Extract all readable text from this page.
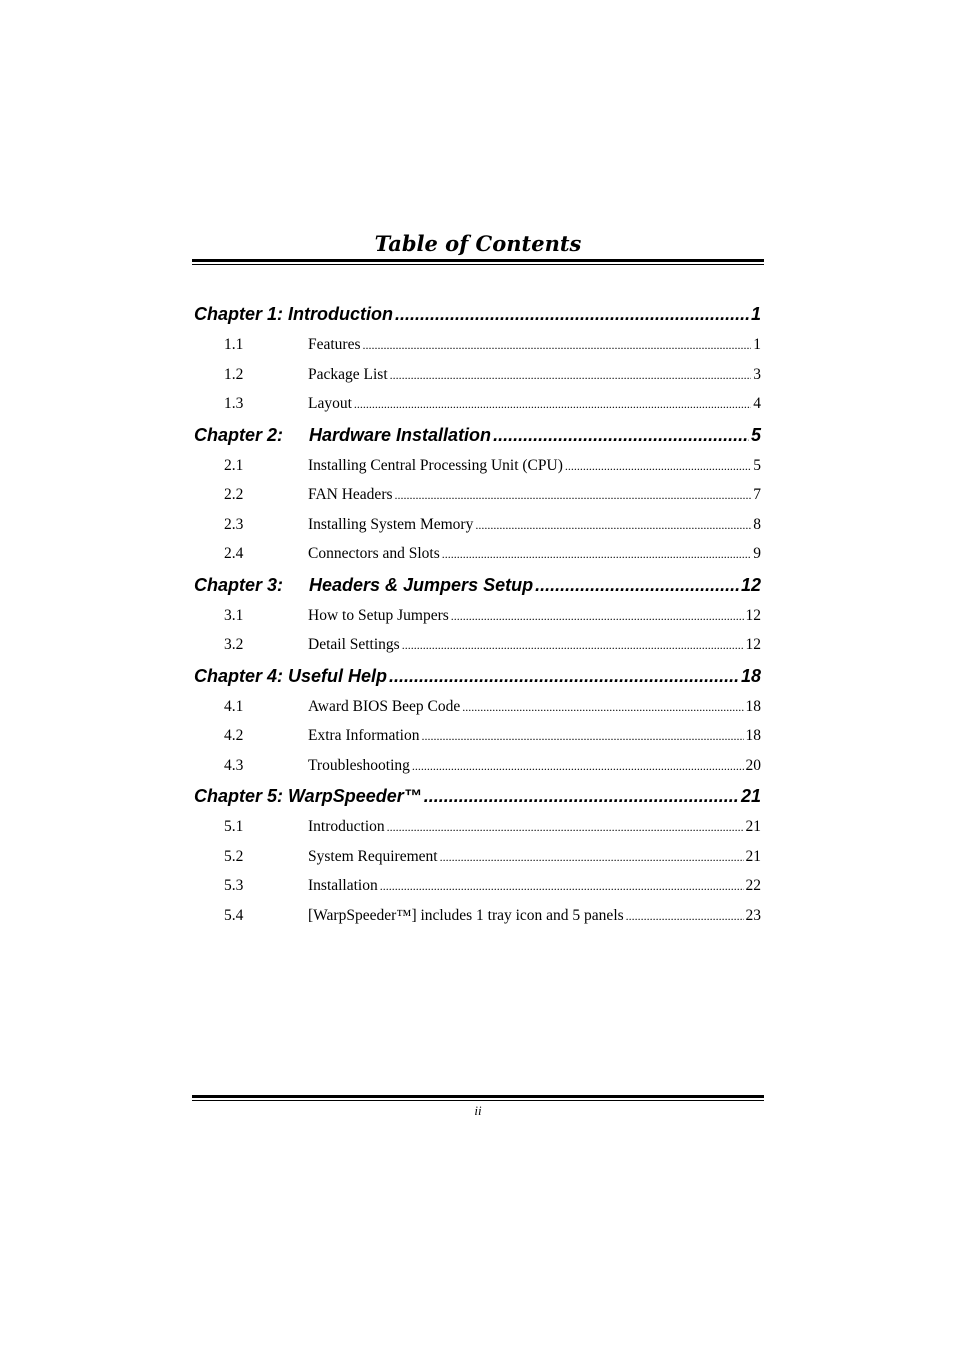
Table of Contents
Chapter 1: Introduction .....	1
1.1	Features .....	1
1.2	Package List .....	3
1.3	Layout .....	4
Chapter 2:	Hardware Installation .....	5
2.1	Installing Central Processing Unit (CPU) .....	5
2.2	FAN Headers .....	7
2.3	Installing System Memory .....	8
2.4	Connectors and Slots .....	9
Chapter 3:	Headers & Jumpers Setup .....	12
3.1	How to Setup Jumpers .....	12
3.2	Detail Settings .....	12
Chapter 4: Useful Help .....	18
4.1	Award BIOS Beep Code .....	18
4.2	Extra Information .....	18
4.3	Troubleshooting .....	20
Chapter 5: WarpSpeeder™ .....	21
5.1	Introduction .....	21
5.2	System Requirement .....	21
5.3	Installation .....	22
5.4	[WarpSpeeder™] includes 1 tray icon and 5 panels .....	23
ii
